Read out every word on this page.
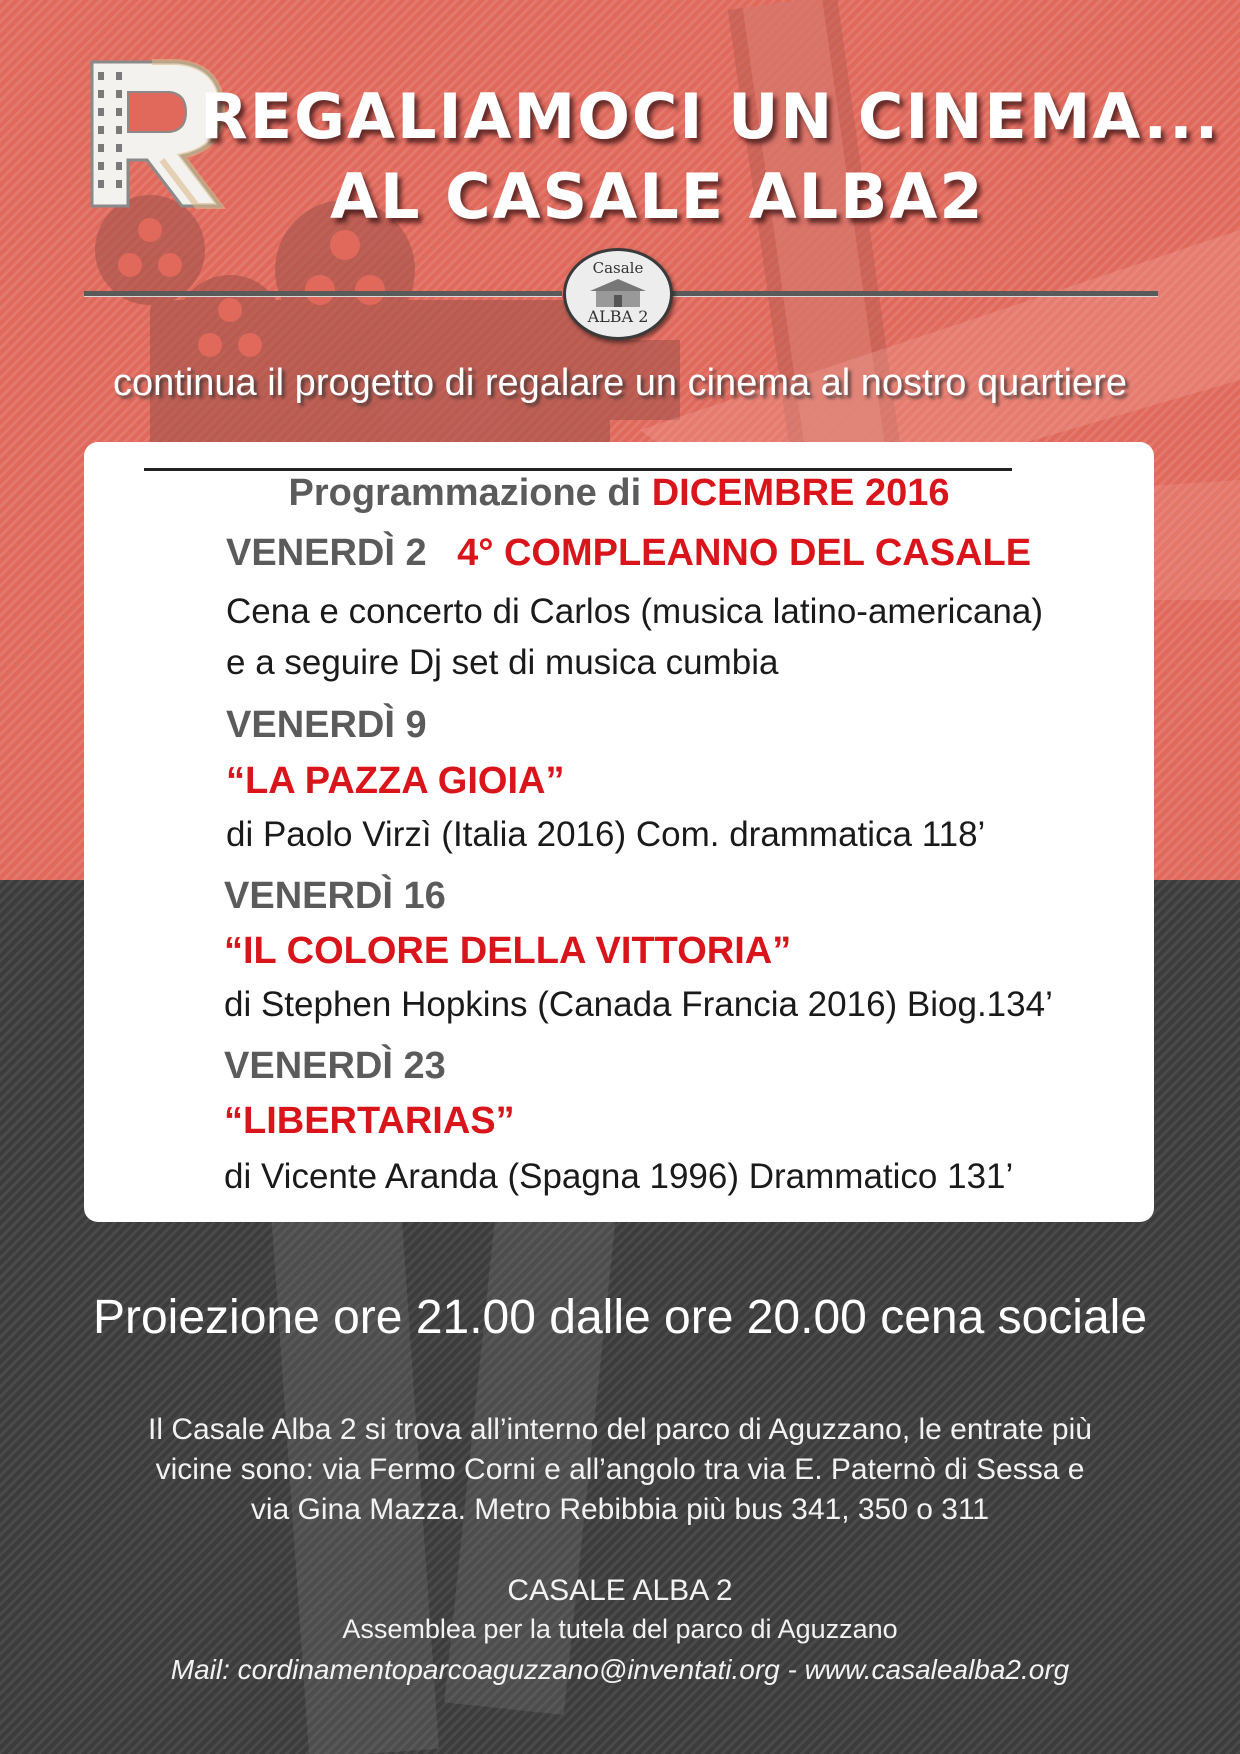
REGALIAMOCI UN CINEMA...
AL CASALE ALBA2
Casale
ALBA 2
continua il progetto di regalare un cinema al nostro quartiere
Programmazione di DICEMBRE 2016
VENERDÌ 2 4° COMPLEANNO DEL CASALE
Cena e concerto di Carlos (musica latino-americana)
e a seguire Dj set di musica cumbia
VENERDÌ 9
“LA PAZZA GIOIA”
di Paolo Virzì (Italia 2016) Com. drammatica 118’
VENERDÌ 16
“IL COLORE DELLA VITTORIA”
di Stephen Hopkins (Canada Francia 2016) Biog.134’
VENERDÌ 23
“LIBERTARIAS”
di Vicente Aranda (Spagna 1996) Drammatico 131’
Proiezione ore 21.00 dalle ore 20.00 cena sociale
Il Casale Alba 2 si trova all’interno del parco di Aguzzano, le entrate più
vicine sono: via Fermo Corni e all’angolo tra via E. Paternò di Sessa e
via Gina Mazza. Metro Rebibbia più bus 341, 350 o 311
CASALE ALBA 2
Assemblea per la tutela del parco di Aguzzano
Mail: cordinamentoparcoaguzzano@inventati.org - www.casalealba2.org
